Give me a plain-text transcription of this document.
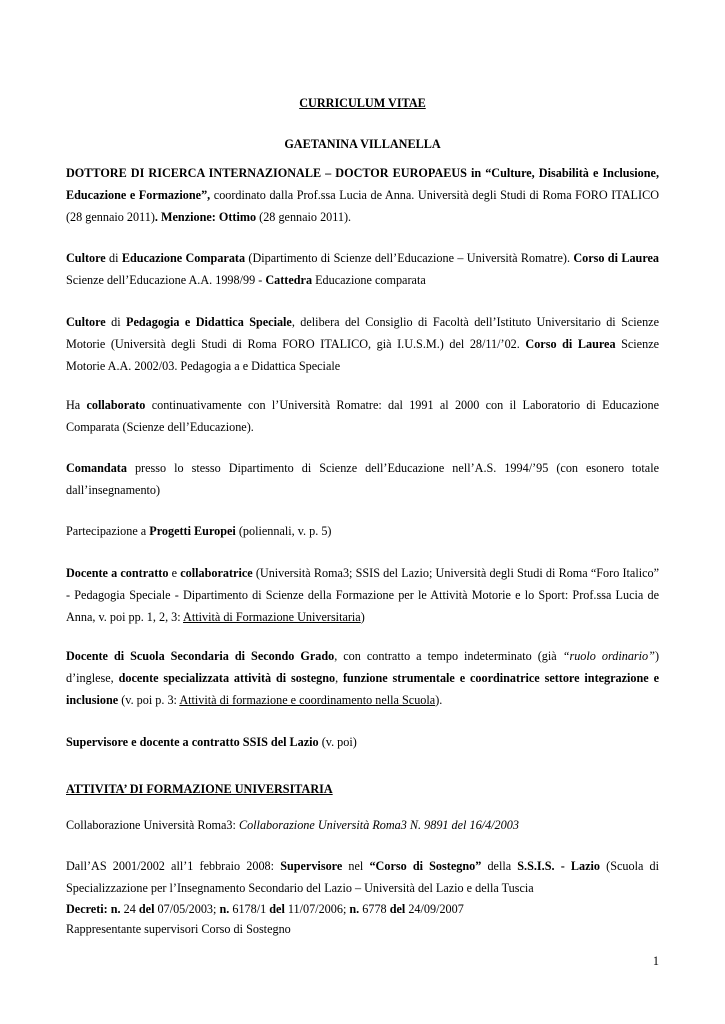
CURRICULUM VITAE
GAETANINA VILLANELLA
DOTTORE DI RICERCA INTERNAZIONALE – DOCTOR EUROPAEUS in “Culture, Disabilità e Inclusione, Educazione e Formazione”, coordinato dalla Prof.ssa Lucia de Anna. Università degli Studi di Roma FORO ITALICO (28 gennaio 2011). Menzione: Ottimo (28 gennaio 2011).
Cultore di Educazione Comparata (Dipartimento di Scienze dell’Educazione – Università Romatre). Corso di Laurea Scienze dell’Educazione A.A. 1998/99 - Cattedra Educazione comparata
Cultore di Pedagogia e Didattica Speciale, delibera del Consiglio di Facoltà dell’Istituto Universitario di Scienze Motorie (Università degli Studi di Roma FORO ITALICO, già I.U.S.M.) del 28/11/’02. Corso di Laurea Scienze Motorie A.A. 2002/03. Pedagogia a e Didattica Speciale
Ha collaborato continuativamente con l’Università Romatre: dal 1991 al 2000 con il Laboratorio di Educazione Comparata (Scienze dell’Educazione).
Comandata presso lo stesso Dipartimento di Scienze dell’Educazione nell’A.S. 1994/’95 (con esonero totale dall’insegnamento)
Partecipazione a Progetti Europei (poliennali, v. p. 5)
Docente a contratto e collaboratrice (Università Roma3; SSIS del Lazio; Università degli Studi di Roma “Foro Italico” - Pedagogia Speciale - Dipartimento di Scienze della Formazione per le Attività Motorie e lo Sport: Prof.ssa Lucia de Anna, v. poi pp. 1, 2, 3: Attività di Formazione Universitaria)
Docente di Scuola Secondaria di Secondo Grado, con contratto a tempo indeterminato (già “ruolo ordinario”) d’inglese, docente specializzata attività di sostegno, funzione strumentale e coordinatrice settore integrazione e inclusione (v. poi p. 3: Attività di formazione e coordinamento nella Scuola).
Supervisore e docente a contratto SSIS del Lazio (v. poi)
ATTIVITA’ DI FORMAZIONE UNIVERSITARIA
Collaborazione Università Roma3: Collaborazione Università Roma3 N. 9891 del 16/4/2003
Dall’AS 2001/2002 all’1 febbraio 2008: Supervisore nel “Corso di Sostegno” della S.S.I.S. - Lazio (Scuola di Specializzazione per l’Insegnamento Secondario del Lazio – Università del Lazio e della Tuscia
Decreti: n. 24 del 07/05/2003; n. 6178/1 del 11/07/2006; n. 6778 del 24/09/2007
Rappresentante supervisori Corso di Sostegno
1
